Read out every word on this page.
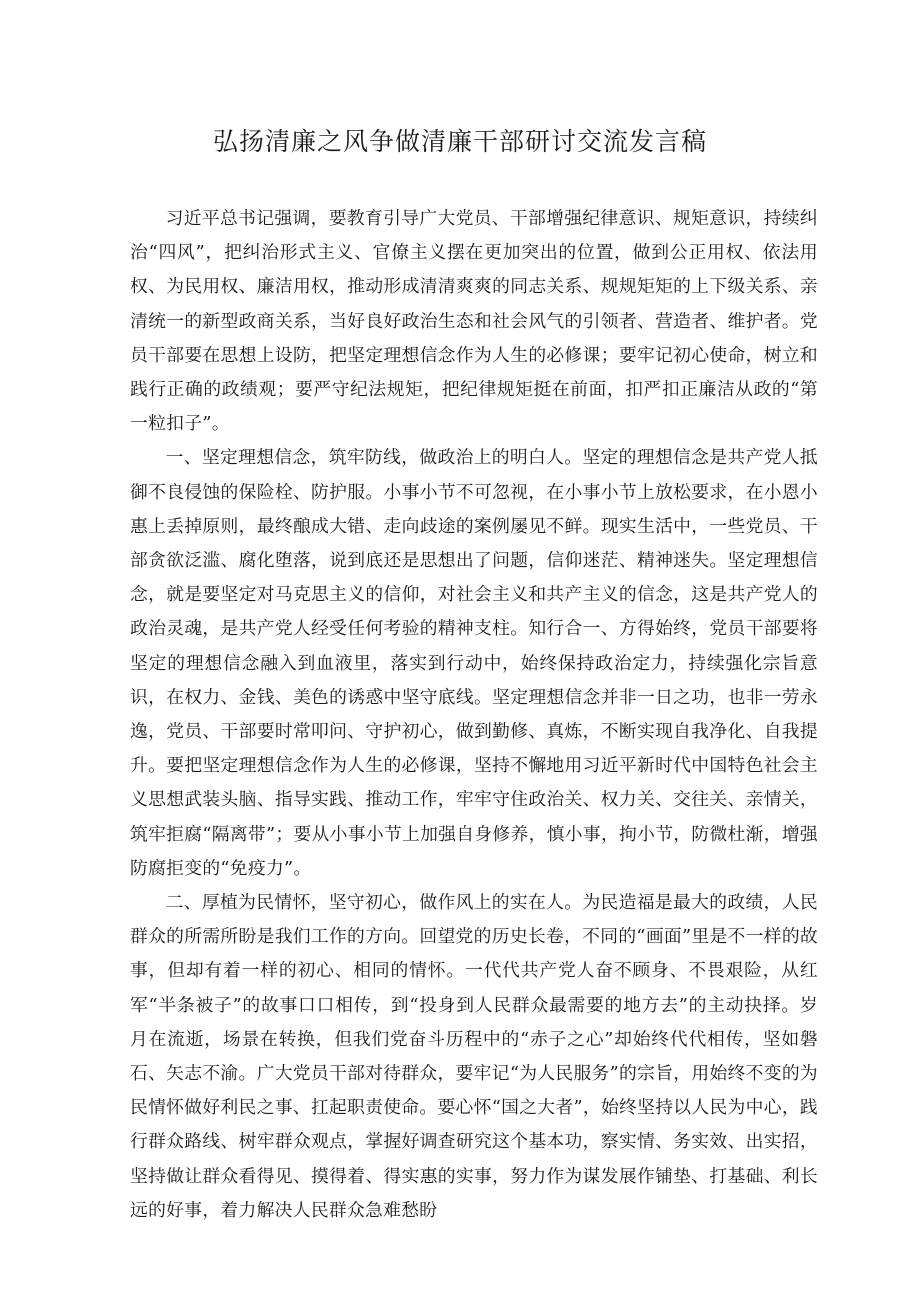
弘扬清廉之风争做清廉干部研讨交流发言稿

习近平总书记强调，要教育引导广大党员、干部增强纪律意识、规矩意识，持续纠治“四风”，把纠治形式主义、官僚主义摆在更加突出的位置，做到公正用权、依法用权、为民用权、廉洁用权，推动形成清清爽爽的同志关系、规规矩矩的上下级关系、亲清统一的新型政商关系，当好良好政治生态和社会风气的引领者、营造者、维护者。党员干部要在思想上设防，把坚定理想信念作为人生的必修课；要牢记初心使命，树立和践行正确的政绩观；要严守纪法规矩，把纪律规矩挺在前面，扣严扣正廉洁从政的“第一粒扣子”。

一、坚定理想信念，筑牢防线，做政治上的明白人。坚定的理想信念是共产党人抵御不良侵蚀的保险栓、防护服。小事小节不可忽视，在小事小节上放松要求，在小恩小惠上丢掉原则，最终酿成大错、走向歧途的案例屡见不鲜。现实生活中，一些党员、干部贪欲泛滥、腐化堕落，说到底还是思想出了问题，信仰迷茫、精神迷失。坚定理想信念，就是要坚定对马克思主义的信仰，对社会主义和共产主义的信念，这是共产党人的政治灵魂，是共产党人经受任何考验的精神支柱。知行合一、方得始终，党员干部要将坚定的理想信念融入到血液里，落实到行动中，始终保持政治定力，持续强化宗旨意识，在权力、金钱、美色的诱惑中坚守底线。坚定理想信念并非一日之功，也非一劳永逸，党员、干部要时常叩问、守护初心，做到勤修、真炼，不断实现自我净化、自我提升。要把坚定理想信念作为人生的必修课，坚持不懈地用习近平新时代中国特色社会主义思想武装头脑、指导实践、推动工作，牢牢守住政治关、权力关、交往关、亲情关，筑牢拒腐“隔离带”；要从小事小节上加强自身修养，慎小事，拘小节，防微杜渐，增强防腐拒变的“免疫力”。

二、厚植为民情怀，坚守初心，做作风上的实在人。为民造福是最大的政绩，人民群众的所需所盼是我们工作的方向。回望党的历史长卷，不同的“画面”里是不一样的故事，但却有着一样的初心、相同的情怀。一代代共产党人奋不顾身、不畏艰险，从红军“半条被子”的故事口口相传，到“投身到人民群众最需要的地方去”的主动抉择。岁月在流逝，场景在转换，但我们党奋斗历程中的“赤子之心”却始终代代相传，坚如磐石、矢志不渝。广大党员干部对待群众，要牢记“为人民服务”的宗旨，用始终不变的为民情怀做好利民之事、扛起职责使命。要心怀“国之大者”，始终坚持以人民为中心，践行群众路线、树牢群众观点，掌握好调查研究这个基本功，察实情、务实效、出实招，坚持做让群众看得见、摸得着、得实惠的实事，努力作为谋发展作铺垫、打基础、利长远的好事，着力解决人民群众急难愁盼
